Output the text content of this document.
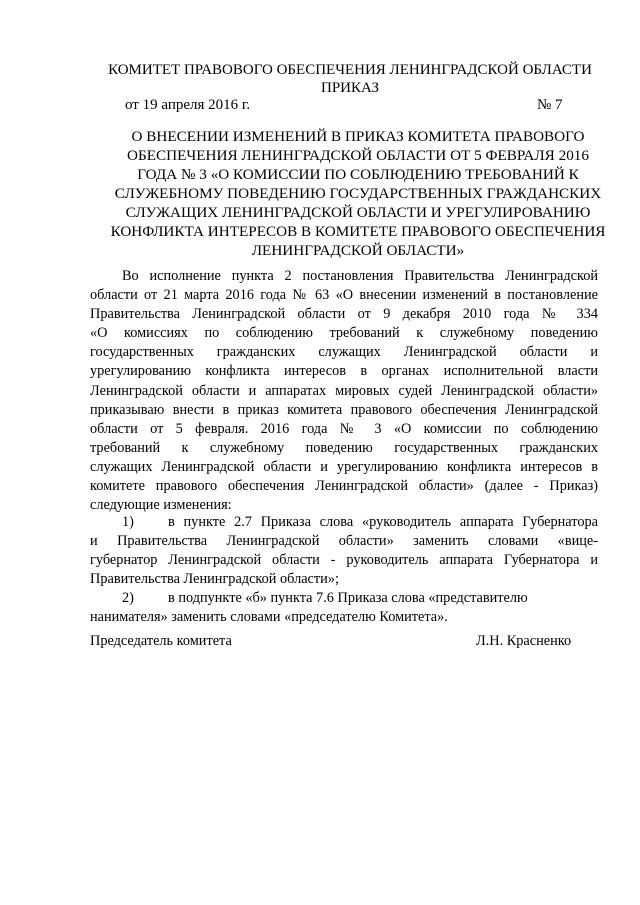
КОМИТЕТ ПРАВОВОГО ОБЕСПЕЧЕНИЯ ЛЕНИНГРАДСКОЙ ОБЛАСТИ
ПРИКАЗ
от 19 апреля 2016 г.	№ 7
О ВНЕСЕНИИ ИЗМЕНЕНИЙ В ПРИКАЗ КОМИТЕТА ПРАВОВОГО
ОБЕСПЕЧЕНИЯ ЛЕНИНГРАДСКОЙ ОБЛАСТИ ОТ 5 ФЕВРАЛЯ 2016
ГОДА № 3 «О КОМИССИИ ПО СОБЛЮДЕНИЮ ТРЕБОВАНИЙ К
СЛУЖЕБНОМУ ПОВЕДЕНИЮ ГОСУДАРСТВЕННЫХ ГРАЖДАНСКИХ
СЛУЖАЩИХ ЛЕНИНГРАДСКОЙ ОБЛАСТИ И УРЕГУЛИРОВАНИЮ
КОНФЛИКТА ИНТЕРЕСОВ В КОМИТЕТЕ ПРАВОВОГО ОБЕСПЕЧЕНИЯ
ЛЕНИНГРАДСКОЙ ОБЛАСТИ»
Во исполнение пункта 2 постановления Правительства Ленинградской
области от 21 марта 2016 года № 63 «О внесении изменений в постановление
Правительства Ленинградской области от 9 декабря 2010 года № 334
«О комиссиях по соблюдению требований к служебному поведению
государственных гражданских служащих Ленинградской области и
урегулированию конфликта интересов в органах исполнительной власти
Ленинградской области и аппаратах мировых судей Ленинградской области»
приказываю внести в приказ комитета правового обеспечения Ленинградской
области от 5 февраля. 2016 года № 3 «О комиссии по соблюдению
требований к служебному поведению государственных гражданских
служащих Ленинградской области и урегулированию конфликта интересов в
комитете правового обеспечения Ленинградской области» (далее - Приказ)
следующие изменения:
1) в пункте 2.7 Приказа слова «руководитель аппарата Губернатора
и Правительства Ленинградской области» заменить словами «вице-
губернатор Ленинградской области - руководитель аппарата Губернатора и
Правительства Ленинградской области»;
2) в подпункте «б» пункта 7.6 Приказа слова «представителю
нанимателя» заменить словами «председателю Комитета».
Председатель комитета	Л.Н. Красненко
